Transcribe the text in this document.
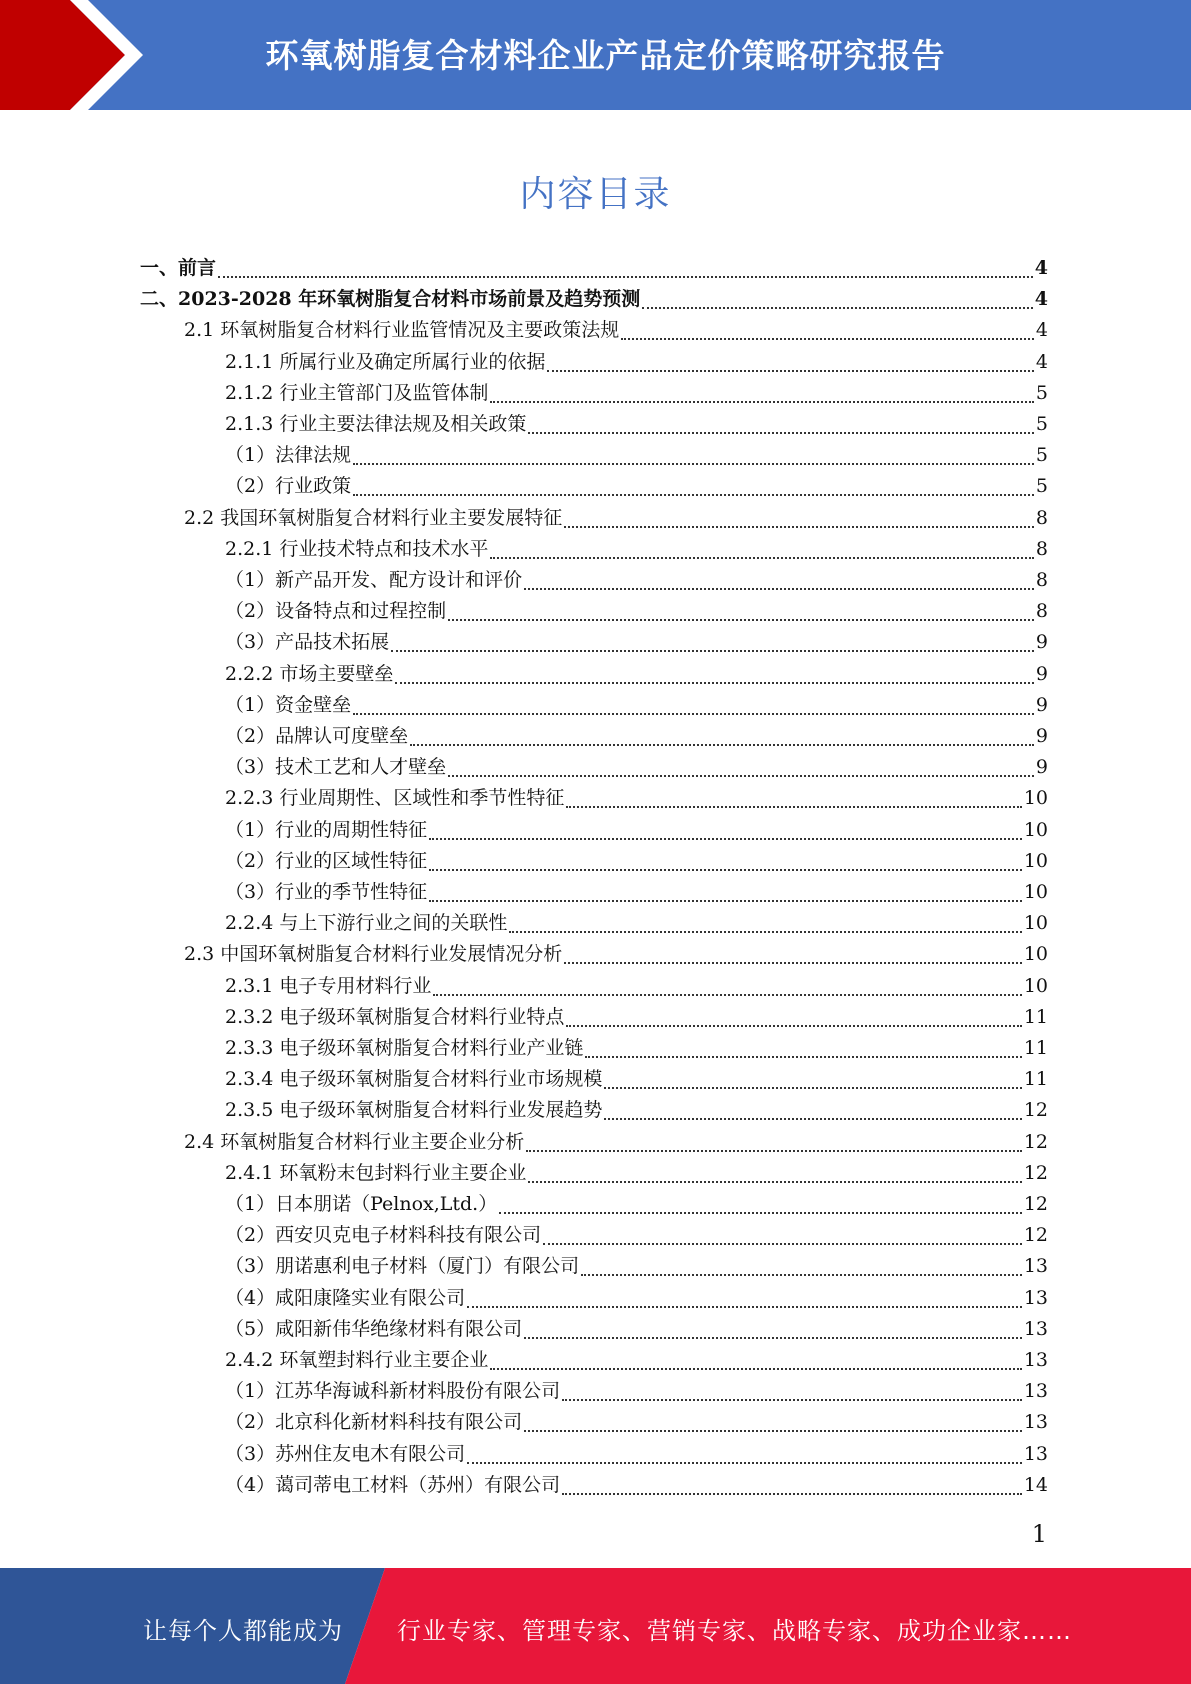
环氧树脂复合材料企业产品定价策略研究报告
内容目录
一、前言	4
二、2023-2028 年环氧树脂复合材料市场前景及趋势预测	4
2.1 环氧树脂复合材料行业监管情况及主要政策法规	4
2.1.1 所属行业及确定所属行业的依据	4
2.1.2 行业主管部门及监管体制	5
2.1.3 行业主要法律法规及相关政策	5
（1）法律法规	5
（2）行业政策	5
2.2 我国环氧树脂复合材料行业主要发展特征	8
2.2.1 行业技术特点和技术水平	8
（1）新产品开发、配方设计和评价	8
（2）设备特点和过程控制	8
（3）产品技术拓展	9
2.2.2 市场主要壁垒	9
（1）资金壁垒	9
（2）品牌认可度壁垒	9
（3）技术工艺和人才壁垒	9
2.2.3 行业周期性、区域性和季节性特征	10
（1）行业的周期性特征	10
（2）行业的区域性特征	10
（3）行业的季节性特征	10
2.2.4 与上下游行业之间的关联性	10
2.3 中国环氧树脂复合材料行业发展情况分析	10
2.3.1 电子专用材料行业	10
2.3.2 电子级环氧树脂复合材料行业特点	11
2.3.3 电子级环氧树脂复合材料行业产业链	11
2.3.4 电子级环氧树脂复合材料行业市场规模	11
2.3.5 电子级环氧树脂复合材料行业发展趋势	12
2.4 环氧树脂复合材料行业主要企业分析	12
2.4.1 环氧粉末包封料行业主要企业	12
（1）日本朋诺（Pelnox,Ltd.）	12
（2）西安贝克电子材料科技有限公司	12
（3）朋诺惠利电子材料（厦门）有限公司	13
（4）咸阳康隆实业有限公司	13
（5）咸阳新伟华绝缘材料有限公司	13
2.4.2 环氧塑封料行业主要企业	13
（1）江苏华海诚科新材料股份有限公司	13
（2）北京科化新材料科技有限公司	13
（3）苏州住友电木有限公司	13
（4）蔼司蒂电工材料（苏州）有限公司	14
1
让每个人都能成为 行业专家、管理专家、营销专家、战略专家、成功企业家……
